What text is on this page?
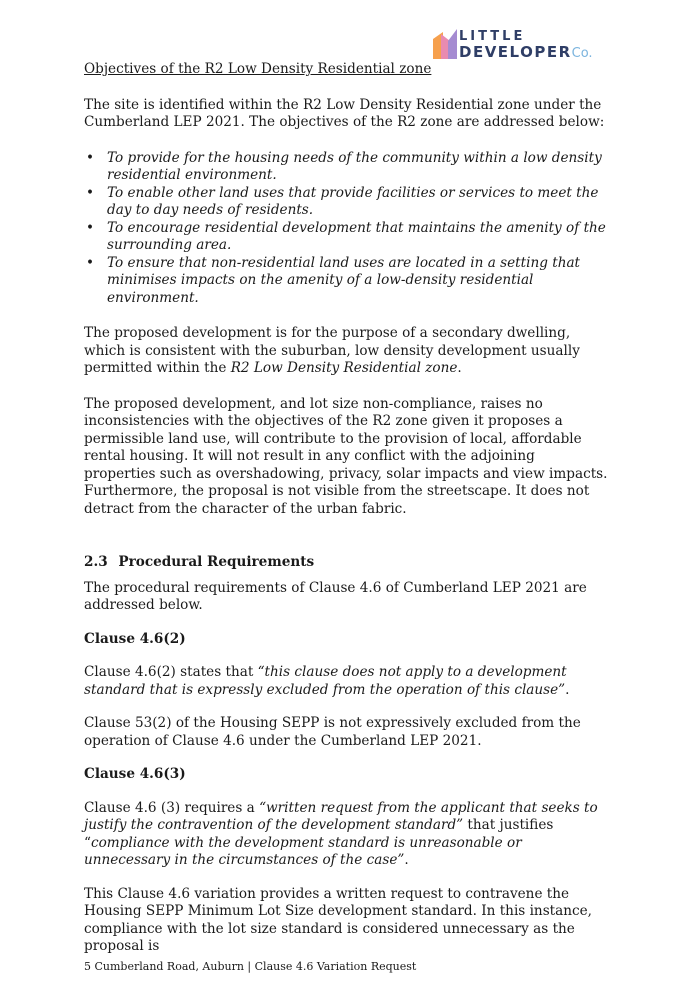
LITTLE
DEVELOPERCo.

Objectives of the R2 Low Density Residential zone

The site is identified within the R2 Low Density Residential zone under the Cumberland LEP 2021. The objectives of the R2 zone are addressed below:

• To provide for the housing needs of the community within a low density residential environment.
• To enable other land uses that provide facilities or services to meet the day to day needs of residents.
• To encourage residential development that maintains the amenity of the surrounding area.
• To ensure that non-residential land uses are located in a setting that minimises impacts on the amenity of a low-density residential environment.

The proposed development is for the purpose of a secondary dwelling, which is consistent with the suburban, low density development usually permitted within the R2 Low Density Residential zone.

The proposed development, and lot size non-compliance, raises no inconsistencies with the objectives of the R2 zone given it proposes a permissible land use, will contribute to the provision of local, affordable rental housing. It will not result in any conflict with the adjoining properties such as overshadowing, privacy, solar impacts and view impacts. Furthermore, the proposal is not visible from the streetscape. It does not detract from the character of the urban fabric.

2.3 Procedural Requirements

The procedural requirements of Clause 4.6 of Cumberland LEP 2021 are addressed below.

Clause 4.6(2)

Clause 4.6(2) states that “this clause does not apply to a development standard that is expressly excluded from the operation of this clause”.

Clause 53(2) of the Housing SEPP is not expressively excluded from the operation of Clause 4.6 under the Cumberland LEP 2021.

Clause 4.6(3)

Clause 4.6 (3) requires a “written request from the applicant that seeks to justify the contravention of the development standard” that justifies “compliance with the development standard is unreasonable or unnecessary in the circumstances of the case”.

This Clause 4.6 variation provides a written request to contravene the Housing SEPP Minimum Lot Size development standard. In this instance, compliance with the lot size standard is considered unnecessary as the proposal is

5 Cumberland Road, Auburn | Clause 4.6 Variation Request
